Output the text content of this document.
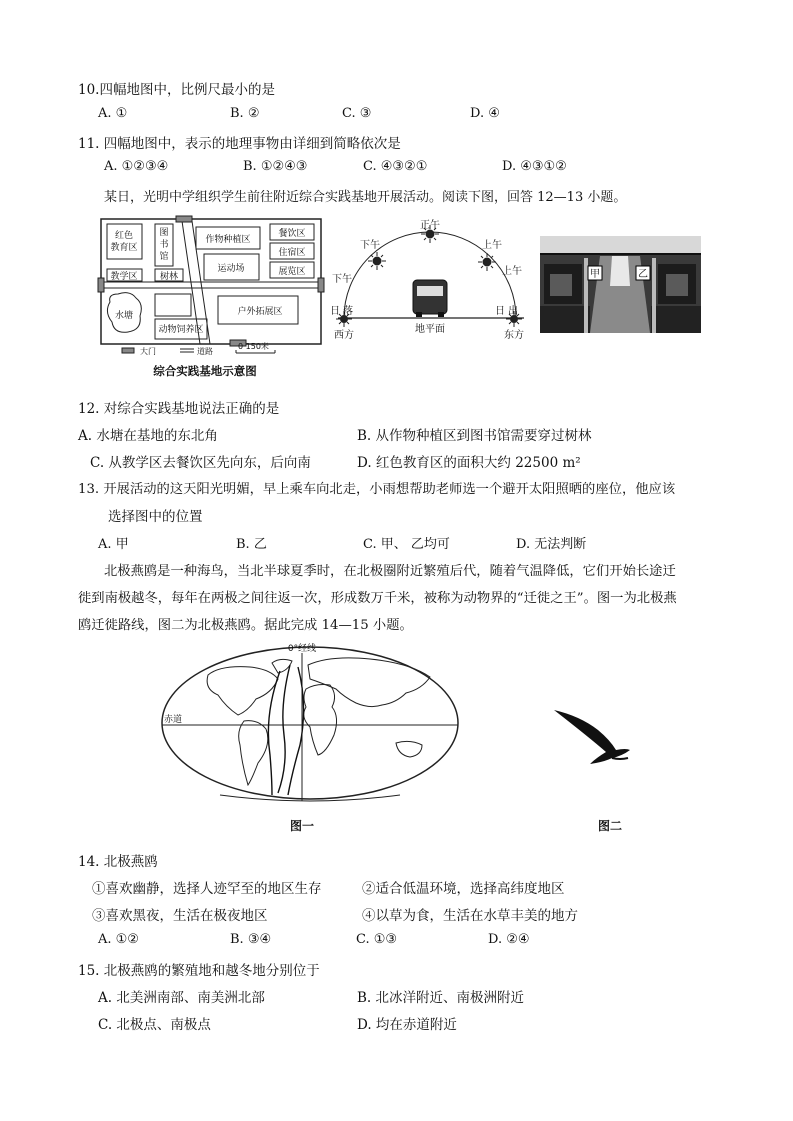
10.四幅地图中，比例尺最小的是
A. ①	B. ②	C. ③	D. ④
11. 四幅地图中，表示的地理事物由详细到简略依次是
A. ①②③④	B. ①②④③	C. ④③②①	D. ④③①②
某日，光明中学组织学生前往附近综合实践基地开展活动。阅读下图，回答 12—13 小题。
红色
教育区
图
书
馆
作物种植区
餐饮区
住宿区
展览区
教学区 树林
运动场
水塘	户外拓展区
动物饲养区
大门	道路
0 150米
综合实践基地示意图
正午
下午
下午
上午
上午
日 落	日 出
西方	东方
地平面
甲	乙
12. 对综合实践基地说法正确的是
A. 水塘在基地的东北角	B. 从作物种植区到图书馆需要穿过树林
C. 从教学区去餐饮区先向东，后向南	D. 红色教育区的面积大约 22500 m²
13. 开展活动的这天阳光明媚，早上乘车向北走，小雨想帮助老师选一个避开太阳照晒的座位，他应该
选择图中的位置
A. 甲	B. 乙	C. 甲、 乙均可	D. 无法判断
北极燕鸥是一种海鸟，当北半球夏季时，在北极圈附近繁殖后代，随着气温降低，它们开始长途迁
徙到南极越冬，每年在两极之间往返一次，形成数万千米，被称为动物界的“迁徙之王”。图一为北极燕
鸥迁徙路线，图二为北极燕鸥。据此完成 14—15 小题。
0°经线
赤道
图一	图二
14. 北极燕鸥
①喜欢幽静，选择人迹罕至的地区生存	②适合低温环境，选择高纬度地区
③喜欢黑夜，生活在极夜地区	④以草为食，生活在水草丰美的地方
A. ①②	B. ③④	C. ①③	D. ②④
15. 北极燕鸥的繁殖地和越冬地分别位于
A. 北美洲南部、南美洲北部	B. 北冰洋附近、南极洲附近
C. 北极点、南极点	D. 均在赤道附近
